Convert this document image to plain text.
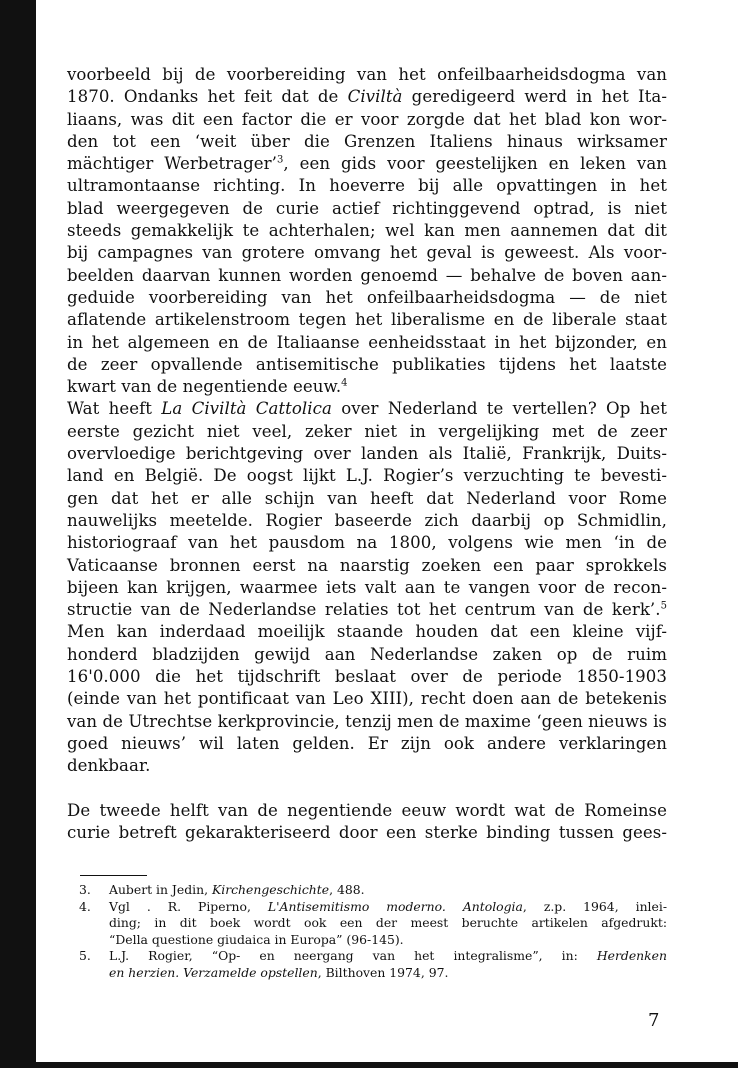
voorbeeld bij de voorbereiding van het onfeilbaarheidsdogma van
1870. Ondanks het feit dat de Civiltà geredigeerd werd in het Ita-
liaans, was dit een factor die er voor zorgde dat het blad kon wor-
den tot een ‘weit über die Grenzen Italiens hinaus wirksamer
mächtiger Werbetrager’$^3$, een gids voor geestelijken en leken van
ultramontaanse richting. In hoeverre bij alle opvattingen in het
blad weergegeven de curie actief richtinggevend optrad, is niet
steeds gemakkelijk te achterhalen; wel kan men aannemen dat dit
bij campagnes van grotere omvang het geval is geweest. Als voor-
beelden daarvan kunnen worden genoemd — behalve de boven aan-
geduide voorbereiding van het onfeilbaarheidsdogma — de niet
aflatende artikelenstroom tegen het liberalisme en de liberale staat
in het algemeen en de Italiaanse eenheidsstaat in het bijzonder, en
de zeer opvallende antisemitische publikaties tijdens het laatste
kwart van de negentiende eeuw.$^4$

Wat heeft La Civiltà Cattolica over Nederland te vertellen? Op het
eerste gezicht niet veel, zeker niet in vergelijking met de zeer
overvloedige berichtgeving over landen als Italië, Frankrijk, Duits-
land en België. De oogst lijkt L.J. Rogier’s verzuchting te bevesti-
gen dat het er alle schijn van heeft dat Nederland voor Rome
nauwelijks meetelde. Rogier baseerde zich daarbij op Schmidlin,
historiograaf van het pausdom na 1800, volgens wie men ‘in de
Vaticaanse bronnen eerst na naarstig zoeken een paar sprokkels
bijeen kan krijgen, waarmee iets valt aan te vangen voor de recon-
structie van de Nederlandse relaties tot het centrum van de kerk’.$^5$
Men kan inderdaad moeilijk staande houden dat een kleine vijf-
honderd bladzijden gewijd aan Nederlandse zaken op de ruim
16'0.000 die het tijdschrift beslaat over de periode 1850-1903
(einde van het pontificaat van Leo XIII), recht doen aan de betekenis
van de Utrechtse kerkprovincie, tenzij men de maxime ‘geen nieuws is
goed nieuws’ wil laten gelden. Er zijn ook andere verklaringen
denkbaar.

De tweede helft van de negentiende eeuw wordt wat de Romeinse
curie betreft gekarakteriseerd door een sterke binding tussen gees-

3.	Aubert in Jedin, Kirchengeschichte, 488.
4.	Vgl . R. Piperno, L'Antisemitismo moderno. Antologia, z.p. 1964, inlei-
ding; in dit boek wordt ook een der meest beruchte artikelen afgedrukt:
“Della questione giudaica in Europa” (96-145).
5.	L.J. Rogier, “Op- en neergang van het integralisme”, in: Herdenken
en herzien. Verzamelde opstellen, Bilthoven 1974, 97.
7
